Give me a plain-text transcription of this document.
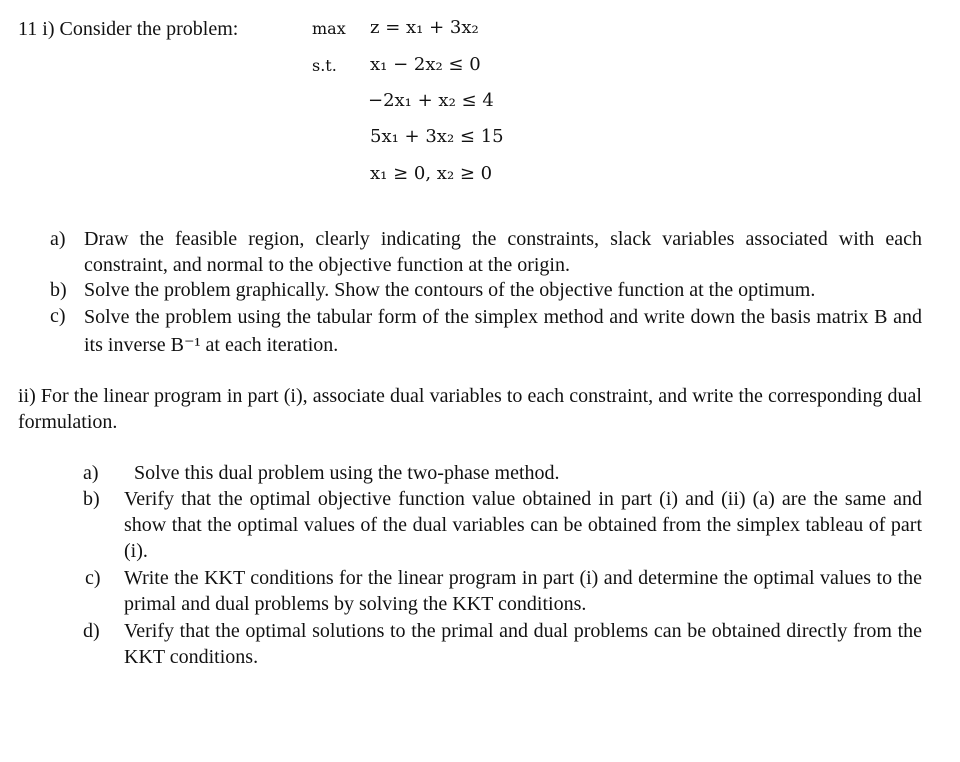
11 i) Consider the problem:	max z = x₁ + 3x₂
s.t. x₁ − 2x₂ ≤ 0
−2x₁ + x₂ ≤ 4
5x₁ + 3x₂ ≤ 15
x₁ ≥ 0, x₂ ≥ 0
a) Draw the feasible region, clearly indicating the constraints, slack variables associated with each constraint, and normal to the objective function at the origin.
b) Solve the problem graphically. Show the contours of the objective function at the optimum.
c) Solve the problem using the tabular form of the simplex method and write down the basis matrix B and its inverse B⁻¹ at each iteration.
ii) For the linear program in part (i), associate dual variables to each constraint, and write the corresponding dual formulation.
a) Solve this dual problem using the two-phase method.
b) Verify that the optimal objective function value obtained in part (i) and (ii) (a) are the same and show that the optimal values of the dual variables can be obtained from the simplex tableau of part (i).
c) Write the KKT conditions for the linear program in part (i) and determine the optimal values to the primal and dual problems by solving the KKT conditions.
d) Verify that the optimal solutions to the primal and dual problems can be obtained directly from the KKT conditions.
